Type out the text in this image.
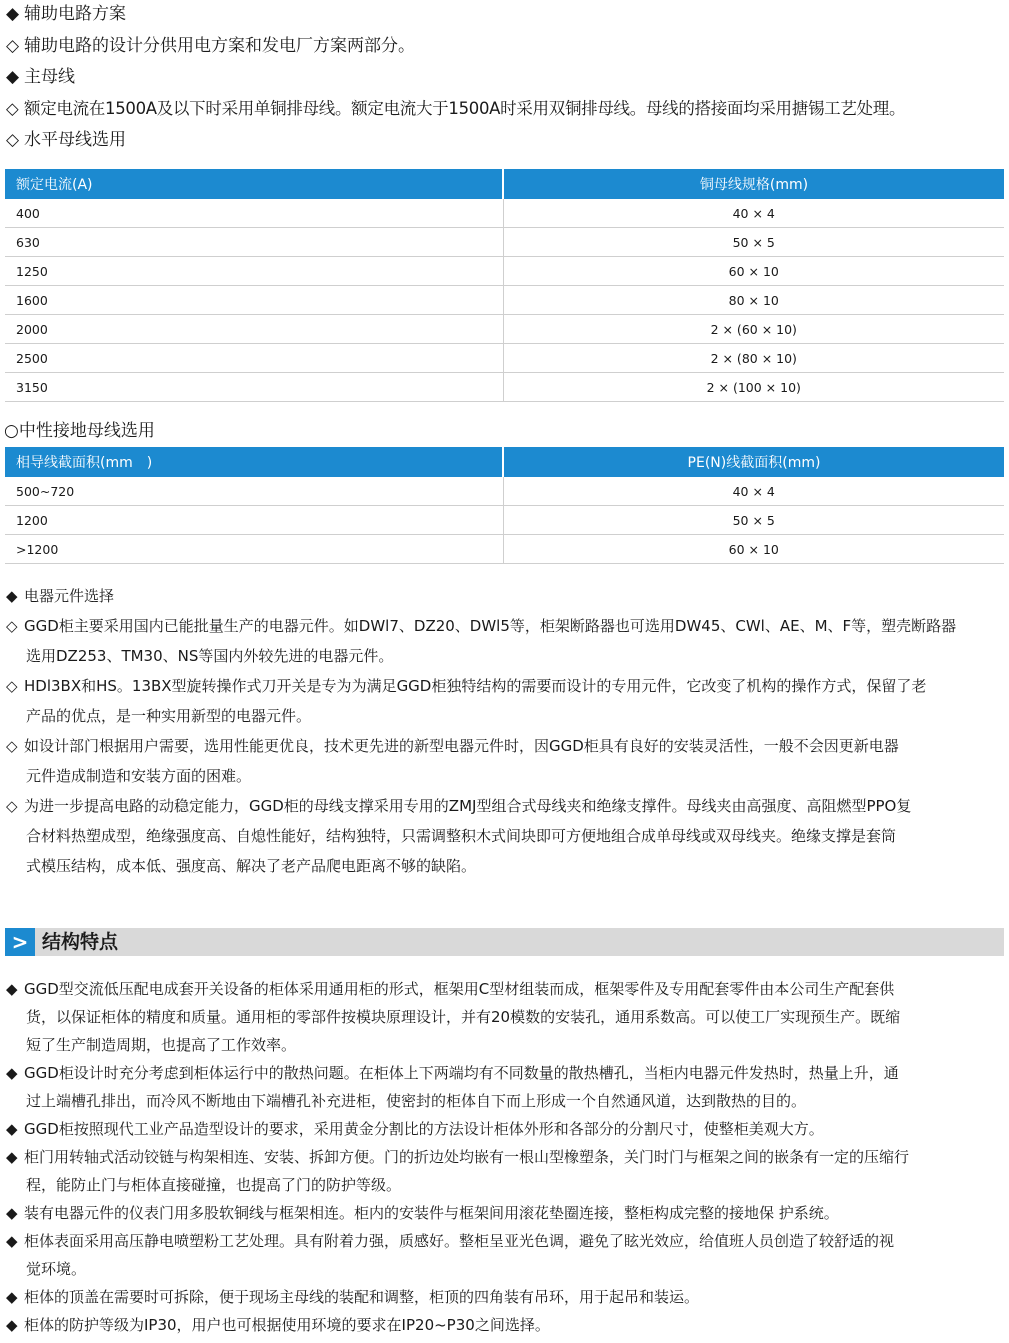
◆ 辅助电路方案
◇ 辅助电路的设计分供用电方案和发电厂方案两部分。
◆ 主母线
◇ 额定电流在1500A及以下时采用单铜排母线。额定电流大于1500A时采用双铜排母线。母线的搭接面均采用搪锡工艺处理。
◇ 水平母线选用
额定电流(A)	铜母线规格(mm)
400	40 × 4
630	50 × 5
1250	60 × 10
1600	80 × 10
2000	2 × (60 × 10)
2500	2 × (80 × 10)
3150	2 × (100 × 10)
○中性接地母线选用
相导线截面积(mm　)	PE(N)线截面积(mm)
500~720	40 × 4
1200	50 × 5
>1200	60 × 10
◆ 电器元件选择
◇ GGD柜主要采用国内已能批量生产的电器元件。如DWl7、DZ20、DWl5等，柜架断路器也可选用DW45、CWl、AE、M、F等，塑壳断路器
选用DZ253、TM30、NS等国内外较先进的电器元件。
◇ HDl3BX和HS。13BX型旋转操作式刀开关是专为为满足GGD柜独特结构的需要而设计的专用元件，它改变了机构的操作方式，保留了老
产品的优点，是一种实用新型的电器元件。
◇ 如设计部门根据用户需要，选用性能更优良，技术更先进的新型电器元件时，因GGD柜具有良好的安装灵活性，一般不会因更新电器
元件造成制造和安装方面的困难。
◇ 为进一步提高电路的动稳定能力，GGD柜的母线支撑采用专用的ZMJ型组合式母线夹和绝缘支撑件。母线夹由高强度、高阻燃型PPO复
合材料热塑成型，绝缘强度高、自熄性能好，结构独特，只需调整积木式间块即可方便地组合成单母线或双母线夹。绝缘支撑是套筒
式模压结构，成本低、强度高、解决了老产品爬电距离不够的缺陷。
> 结构特点
◆ GGD型交流低压配电成套开关设备的柜体采用通用柜的形式，框架用C型材组装而成，框架零件及专用配套零件由本公司生产配套供
货，以保证柜体的精度和质量。通用柜的零部件按模块原理设计，并有20模数的安装孔，通用系数高。可以使工厂实现预生产。既缩
短了生产制造周期，也提高了工作效率。
◆ GGD柜设计时充分考虑到柜体运行中的散热问题。在柜体上下两端均有不同数量的散热槽孔，当柜内电器元件发热时，热量上升，通
过上端槽孔排出，而冷风不断地由下端槽孔补充进柜，使密封的柜体自下而上形成一个自然通风道，达到散热的目的。
◆ GGD柜按照现代工业产品造型设计的要求，采用黄金分割比的方法设计柜体外形和各部分的分割尺寸，使整柜美观大方。
◆ 柜门用转轴式活动铰链与构架相连、安装、拆卸方便。门的折边处均嵌有一根山型橡塑条，关门时门与框架之间的嵌条有一定的压缩行
程，能防止门与柜体直接碰撞，也提高了门的防护等级。
◆ 装有电器元件的仪表门用多股软铜线与框架相连。柜内的安装件与框架间用滚花垫圈连接，整柜构成完整的接地保 护系统。
◆ 柜体表面采用高压静电喷塑粉工艺处理。具有附着力强，质感好。整柜呈亚光色调，避免了眩光效应，给值班人员创造了较舒适的视
觉环境。
◆ 柜体的顶盖在需要时可拆除，便于现场主母线的装配和调整，柜顶的四角装有吊环，用于起吊和装运。
◆ 柜体的防护等级为IP30，用户也可根据使用环境的要求在IP20~P30之间选择。
